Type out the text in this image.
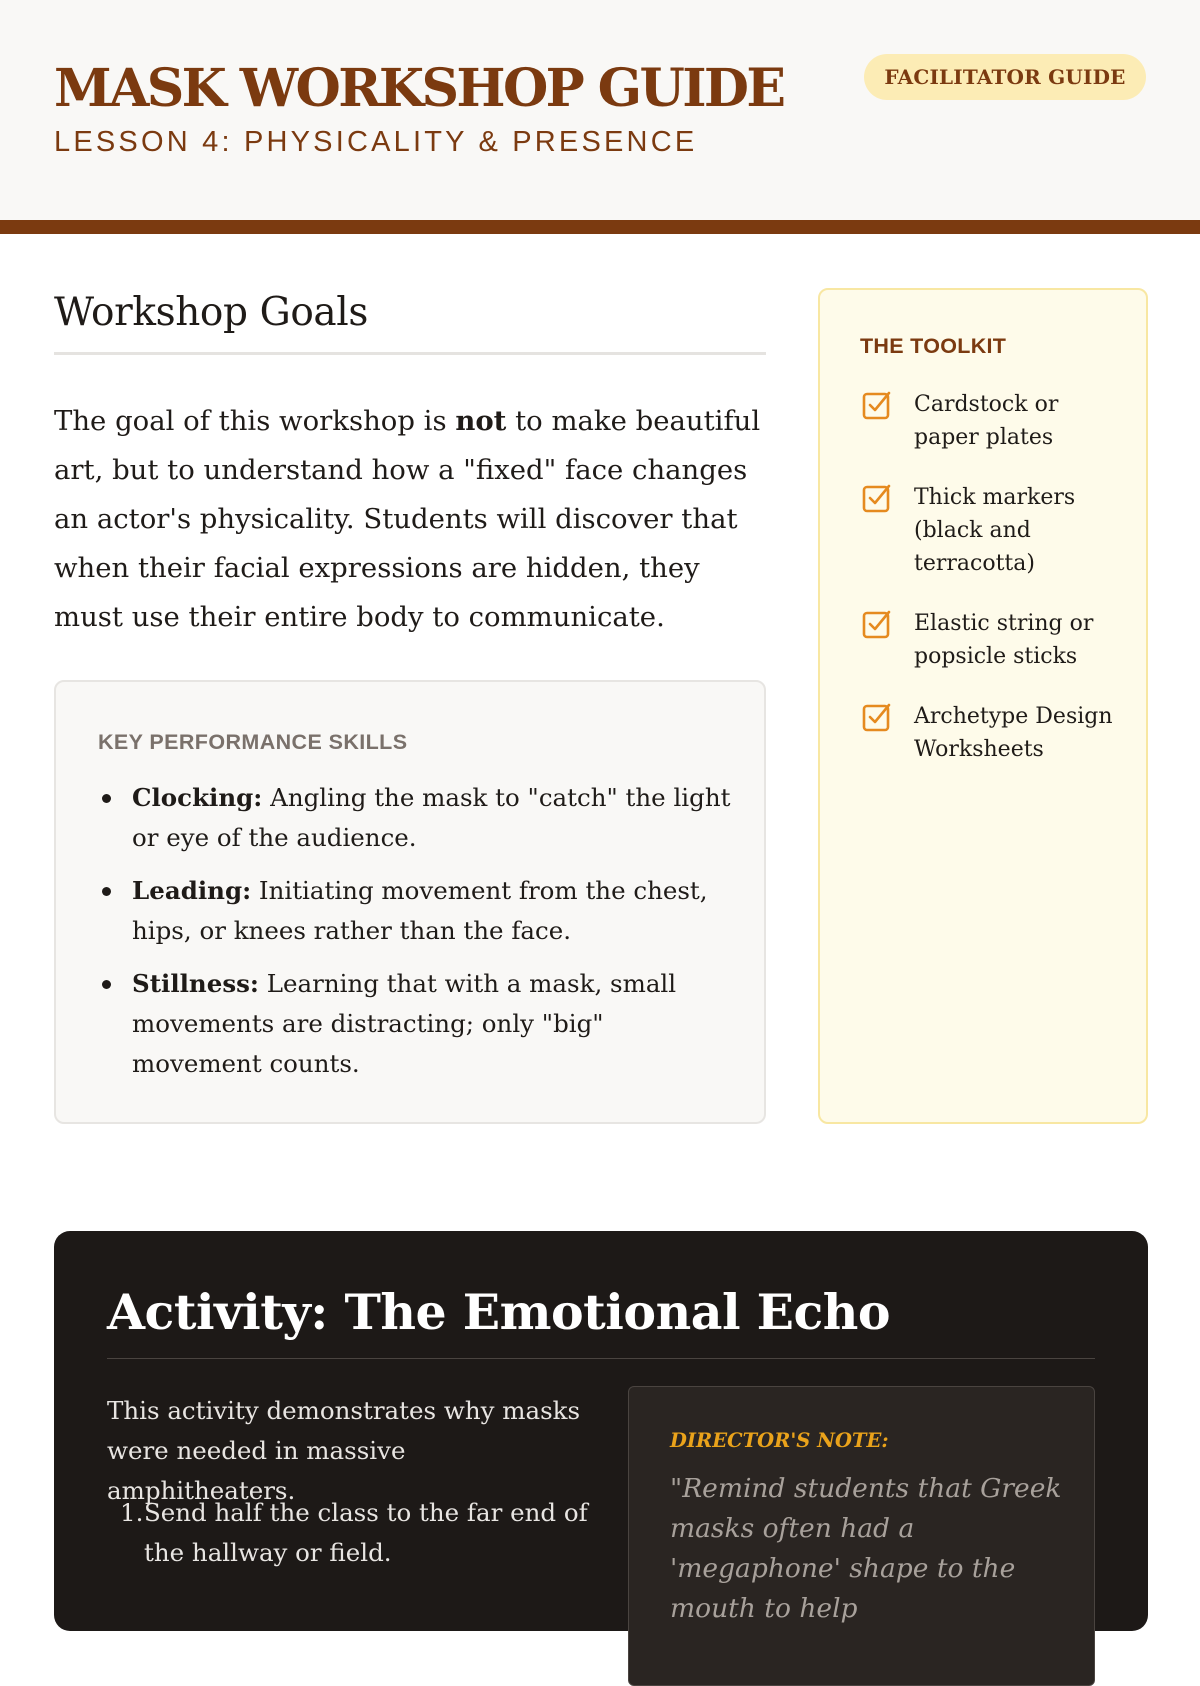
MASK WORKSHOP GUIDE
LESSON 4: PHYSICALITY & PRESENCE
FACILITATOR GUIDE
Workshop Goals

The goal of this workshop is not to make beautiful art, but to understand how a "fixed" face changes an actor's physicality. Students will discover that when their facial expressions are hidden, they must use their entire body to communicate.

KEY PERFORMANCE SKILLS
Clocking: Angling the mask to "catch" the light or eye of the audience.
Leading: Initiating movement from the chest, hips, or knees rather than the face.
Stillness: Learning that with a mask, small movements are distracting; only "big" movement counts.
THE TOOLKIT
Cardstock or paper plates
Thick markers (black and terracotta)
Elastic string or popsicle sticks
Archetype Design Worksheets
Activity: The Emotional Echo

This activity demonstrates why masks were needed in massive amphitheaters.

1. Send half the class to the far end of the hallway or field.
DIRECTOR'S NOTE:

"Remind students that Greek masks often had a 'megaphone' shape to the mouth to help
